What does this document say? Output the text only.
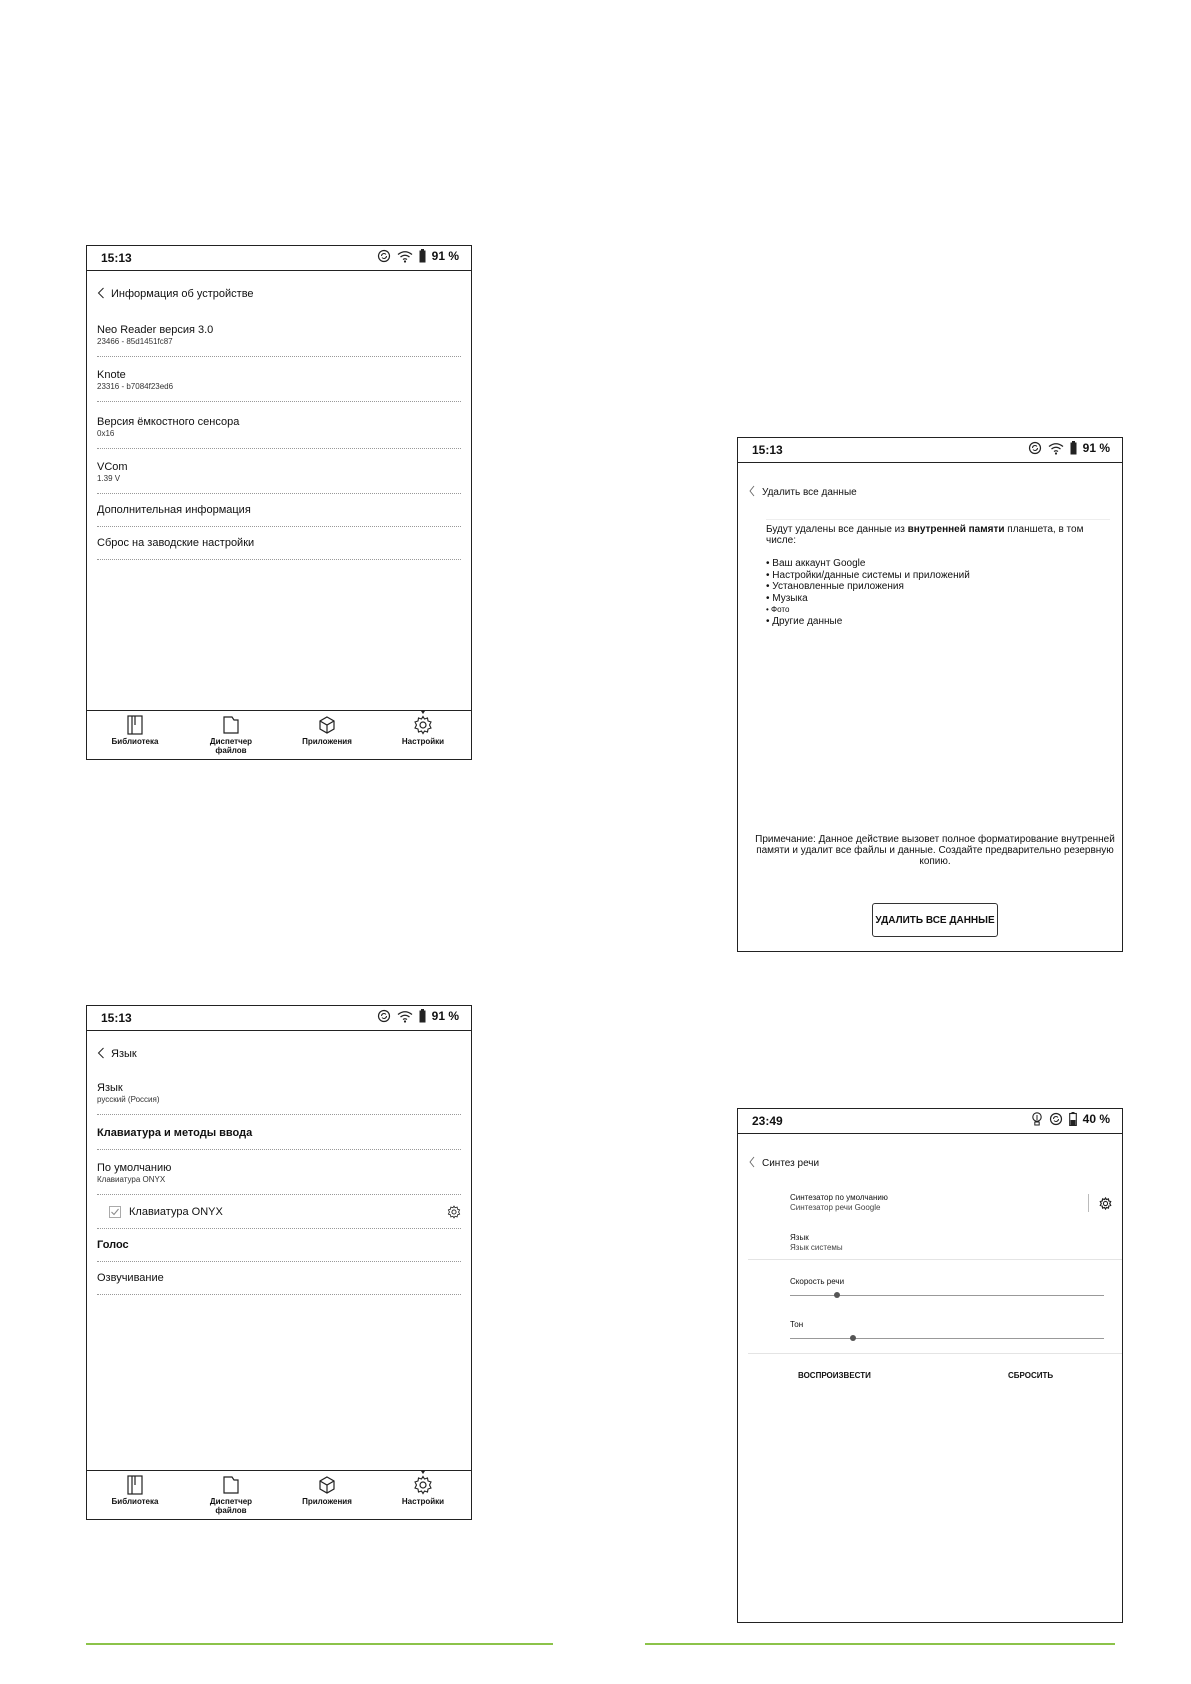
15:13	91 %
Информация об устройстве
Neo Reader версия 3.0
23466 - 85d1451fc87
Knote
23316 - b7084f23ed6
Версия ёмкостного сенсора
0x16
VCom
1.39 V
Дополнительная информация
Сброс на заводские настройки
Библиотека	Диспетчер файлов
Приложения	Настройки
15:13	91 %
Язык
Язык
русский (Россия)
Клавиатура и методы ввода
По умолчанию
Клавиатура ONYX
Клавиатура ONYX
Голос
Озвучивание
Библиотека	Диспетчер файлов
Приложения	Настройки
15:13	91 %
Удалить все данные
Будут удалены все данные из внутренней памяти планшета, в том числе:
• Ваш аккаунт Google
• Настройки/данные системы и приложений
• Установленные приложения
• Музыка
• Фото
• Другие данные
Примечание: Данное действие вызовет полное форматирование внутренней памяти и удалит все файлы и данные. Создайте предварительно резервную копию.
УДАЛИТЬ ВСЕ ДАННЫЕ
23:49	40 %
Синтез речи
Синтезатор по умолчанию
Синтезатор речи Google
Язык
Язык системы
Скорость речи
Тон
ВОСПРОИЗВЕСТИ	СБРОСИТЬ
